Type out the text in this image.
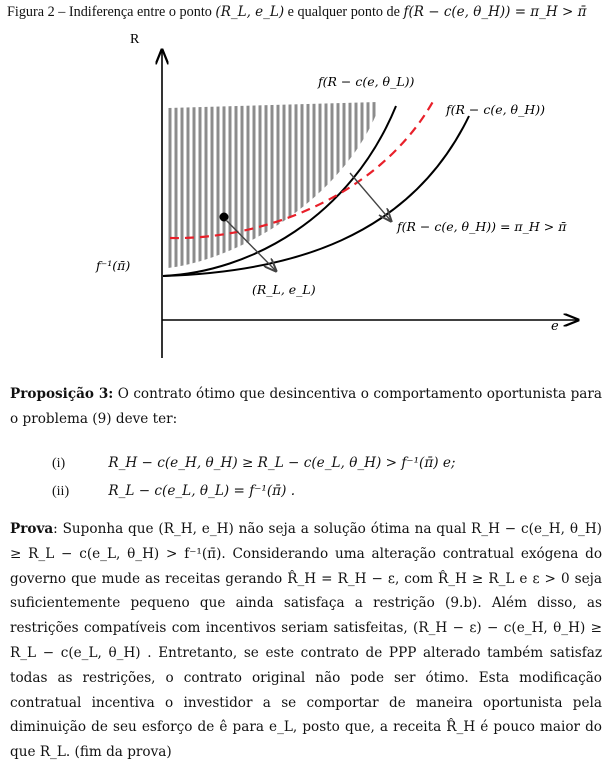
Figura 2 – Indiferença entre o ponto (R_L, e_L) e qualquer ponto de f(R − c(e, θ_H)) = π_H > π̄
R
e
f⁻¹(π̄)
f(R − c(e, θ_L))
f(R − c(e, θ_H))
f(R − c(e, θ_H)) = π_H > π̄
(R_L, e_L)
Proposição 3: O contrato ótimo que desincentiva o comportamento oportunista para o problema (9) deve ter:
(i)	R_H − c(e_H, θ_H) ≥ R_L − c(e_L, θ_H) > f⁻¹(π̄) e;
(ii)	R_L − c(e_L, θ_L) = f⁻¹(π̄) .
Prova: Suponha que (R_H, e_H) não seja a solução ótima na qual R_H − c(e_H, θ_H) ≥ R_L − c(e_L, θ_H) > f⁻¹(π̄). Considerando uma alteração contratual exógena do governo que mude as receitas gerando R̂_H = R_H − ε, com R̂_H ≥ R_L e ε > 0 seja suficientemente pequeno que ainda satisfaça a restrição (9.b). Além disso, as restrições compatíveis com incentivos seriam satisfeitas, (R_H − ε) − c(e_H, θ_H) ≥ R_L − c(e_L, θ_H) . Entretanto, se este contrato de PPP alterado também satisfaz todas as restrições, o contrato original não pode ser ótimo. Esta modificação contratual incentiva o investidor a se comportar de maneira oportunista pela diminuição de seu esforço de ê para e_L, posto que, a receita R̂_H é pouco maior do que R_L. (fim da prova)
